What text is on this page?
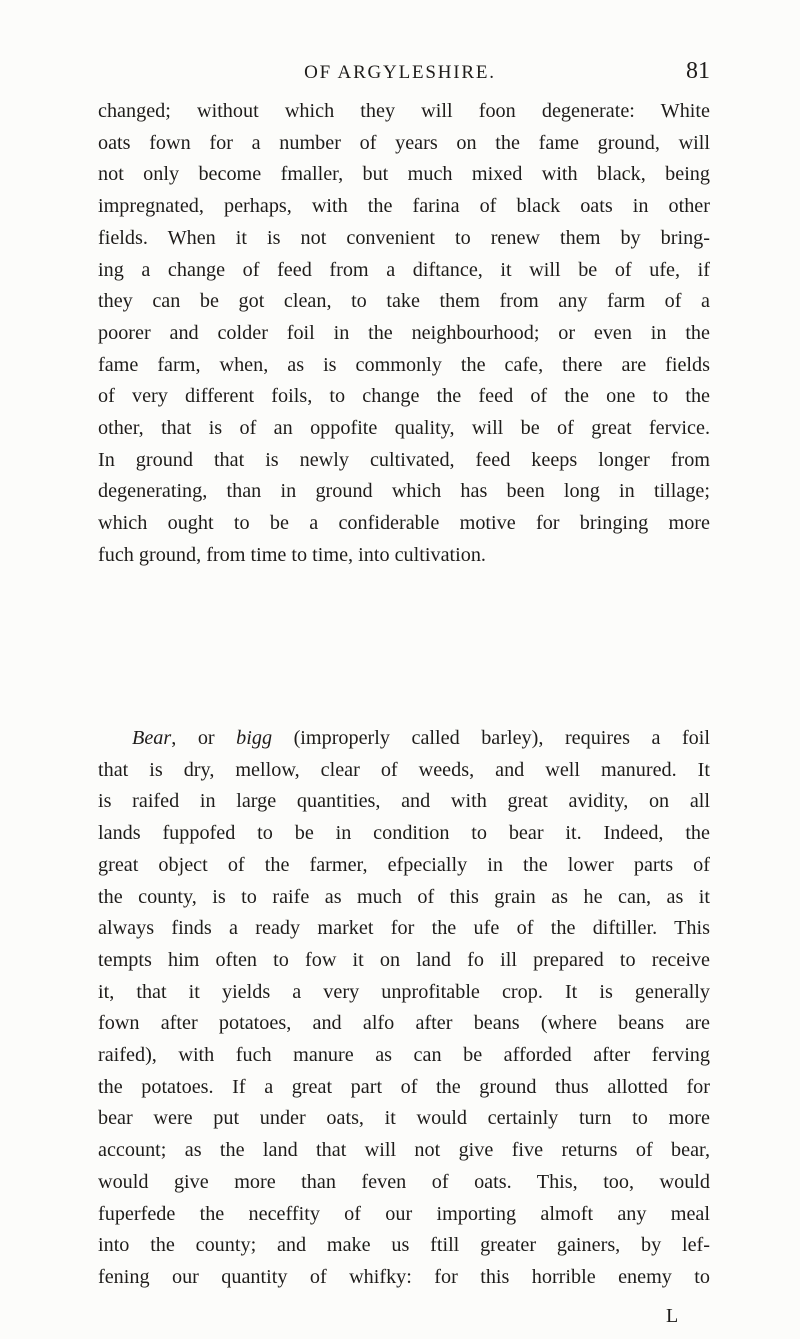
OF ARGYLESHIRE.	81
changed; without which they will foon degenerate: White
oats fown for a number of years on the fame ground, will
not only become fmaller, but much mixed with black, being
impregnated, perhaps, with the farina of black oats in other
fields. When it is not convenient to renew them by bring-
ing a change of feed from a diftance, it will be of ufe, if
they can be got clean, to take them from any farm of a
poorer and colder foil in the neighbourhood; or even in the
fame farm, when, as is commonly the cafe, there are fields
of very different foils, to change the feed of the one to the
other, that is of an oppofite quality, will be of great fervice.
In ground that is newly cultivated, feed keeps longer from
degenerating, than in ground which has been long in tillage;
which ought to be a confiderable motive for bringing more
fuch ground, from time to time, into cultivation.
Bear, or bigg (improperly called barley), requires a foil
that is dry, mellow, clear of weeds, and well manured. It
is raifed in large quantities, and with great avidity, on all
lands fuppofed to be in condition to bear it. Indeed, the
great object of the farmer, efpecially in the lower parts of
the county, is to raife as much of this grain as he can, as it
always finds a ready market for the ufe of the diftiller. This
tempts him often to fow it on land fo ill prepared to receive
it, that it yields a very unprofitable crop. It is generally
fown after potatoes, and alfo after beans (where beans are
raifed), with fuch manure as can be afforded after ferving
the potatoes. If a great part of the ground thus allotted for
bear were put under oats, it would certainly turn to more
account; as the land that will not give five returns of bear,
would give more than feven of oats. This, too, would
fuperfede the neceffity of our importing almoft any meal
into the county; and make us ftill greater gainers, by lef-
fening our quantity of whifky: for this horrible enemy to
L
